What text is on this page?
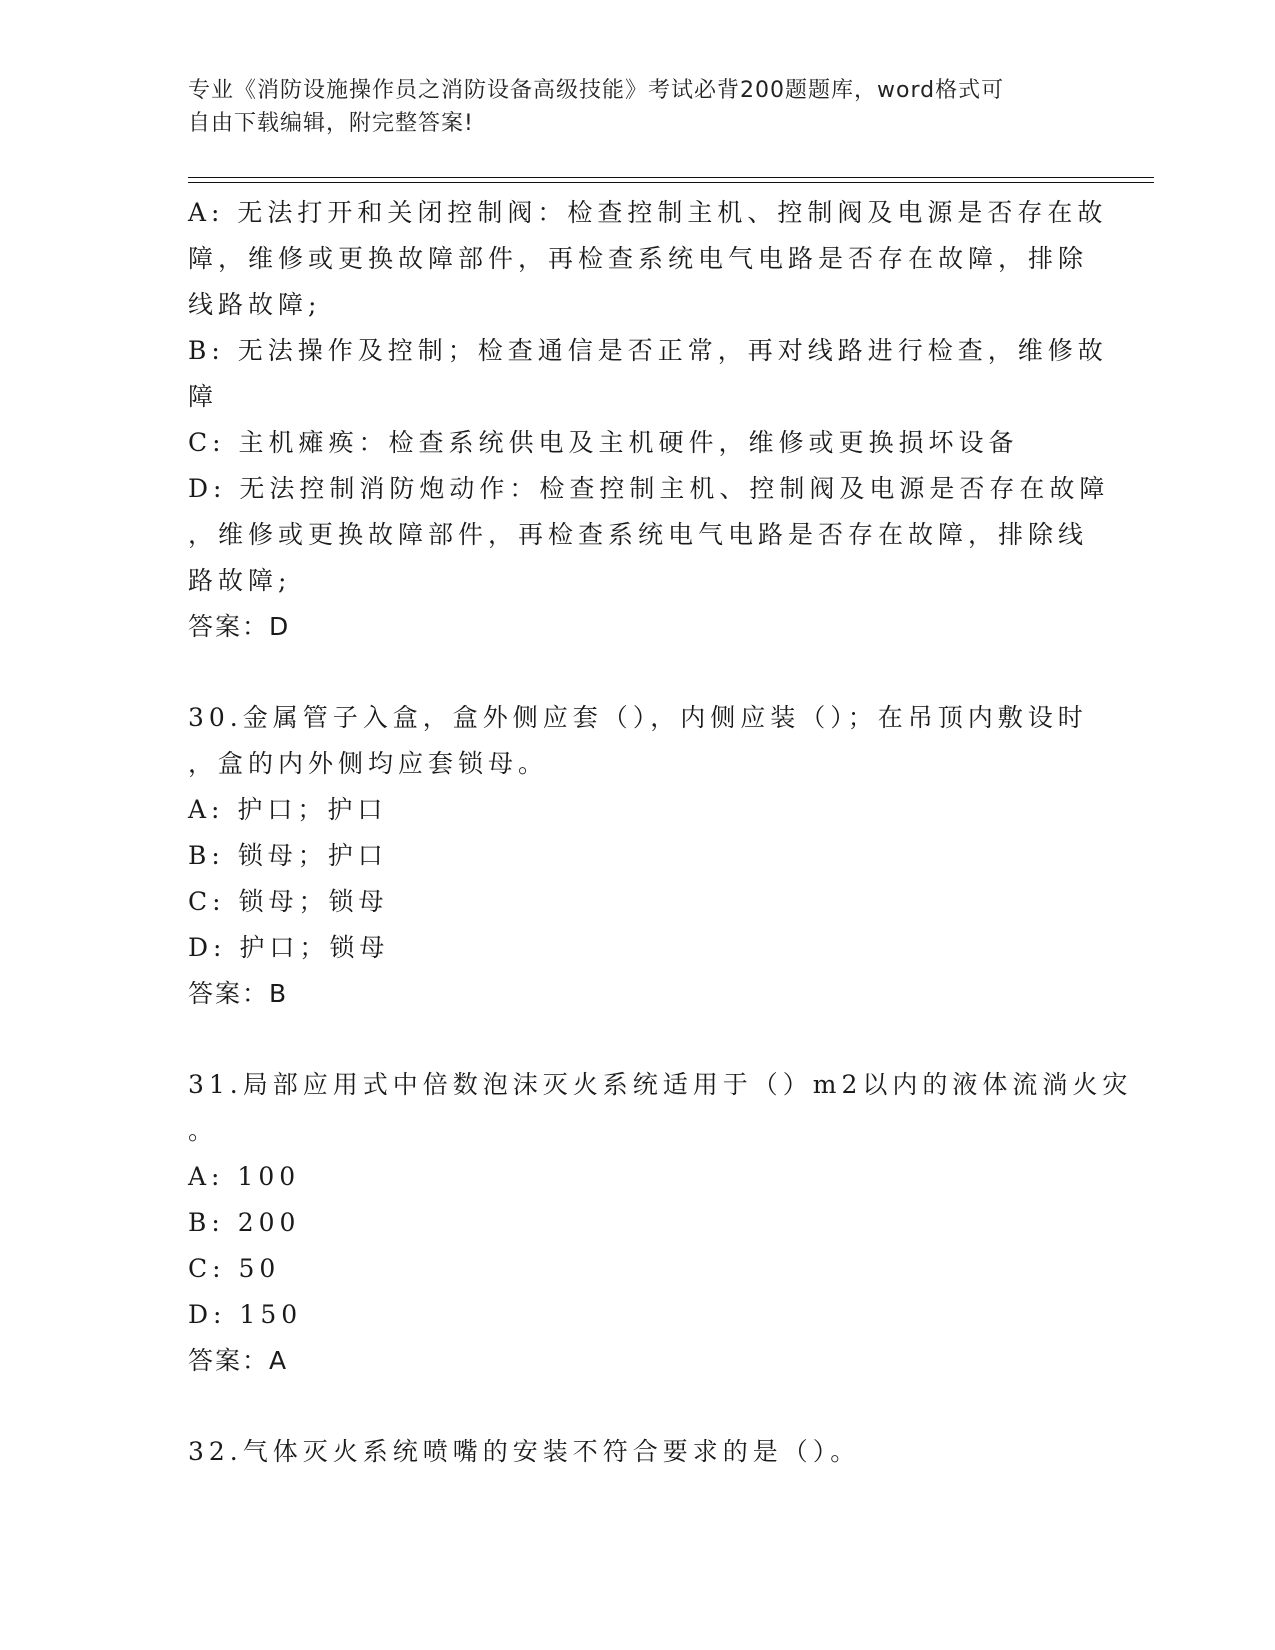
专业《消防设施操作员之消防设备高级技能》考试必背200题题库，word格式可
自由下载编辑，附完整答案!
A: 无法打开和关闭控制阀：检查控制主机、控制阀及电源是否存在故
障，维修或更换故障部件，再检查系统电气电路是否存在故障，排除
线路故障;
B: 无法操作及控制；检查通信是否正常，再对线路进行检查，维修故
障
C: 主机瘫痪：检查系统供电及主机硬件，维修或更换损坏设备
D: 无法控制消防炮动作：检查控制主机、控制阀及电源是否存在故障
，维修或更换故障部件，再检查系统电气电路是否存在故障，排除线
路故障;
答案：D
30.金属管子入盒，盒外侧应套（），内侧应装（）；在吊顶内敷设时
，盒的内外侧均应套锁母。
A: 护口；护口
B: 锁母；护口
C: 锁母；锁母
D: 护口；锁母
答案：B
31.局部应用式中倍数泡沫灭火系统适用于（）m2以内的液体流淌火灾
。
A: 100
B: 200
C: 50
D: 150
答案：A
32.气体灭火系统喷嘴的安装不符合要求的是（）。
